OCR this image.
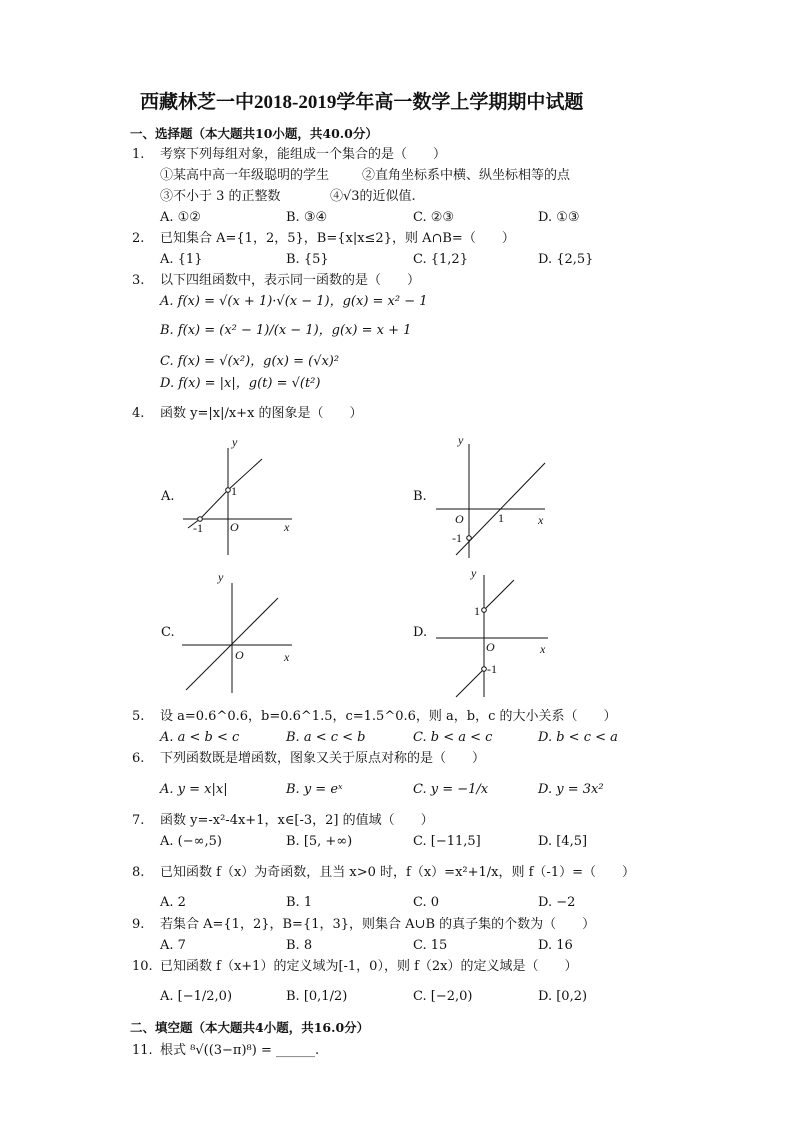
西藏林芝一中2018-2019学年高一数学上学期期中试题
一、选择题（本大题共10小题，共40.0分）
1. 考察下列每组对象，能组成一个集合的是（　　）
①某高中高一年级聪明的学生	②直角坐标系中横、纵坐标相等的点
③不小于 3 的正整数	④√3的近似值.
A. ①②	B. ③④	C. ②③	D. ①③
2. 已知集合 A={1，2，5}，B={x|x≤2}，则 A∩B=（　　）
A. {1}	B. {5}	C. {1,2}	D. {2,5}
3. 以下四组函数中，表示同一函数的是（　　）
A. f(x) = √(x + 1)·√(x − 1)，g(x) = x² − 1
B. f(x) = (x² − 1)/(x − 1)，g(x) = x + 1
C. f(x) = √(x²)，g(x) = (√x)²
D. f(x) = |x|，g(t) = √(t²)
4. 函数 y=|x|/x+x 的图象是（　　）
A.
y
x
O
1
-1
B.
y
x
O	1
-1
C.
y
x
O
D.
y
x
O
1
-1
5. 设 a=0.6^0.6，b=0.6^1.5，c=1.5^0.6，则 a，b，c 的大小关系（　　）
A. a < b < c	B. a < c < b	C. b < a < c	D. b < c < a
6. 下列函数既是增函数，图象又关于原点对称的是（　　）
A. y = x|x|	B. y = eˣ	C. y = −1/x	D. y = 3x²
7. 函数 y=-x²-4x+1，x∈[-3，2] 的值域（　　）
A. (−∞,5)	B. [5, +∞)	C. [−11,5]	D. [4,5]
8. 已知函数 f（x）为奇函数，且当 x>0 时，f（x）=x²+1/x，则 f（-1）=（　　）
A. 2	B. 1	C. 0	D. −2
9. 若集合 A={1，2}，B={1，3}，则集合 A∪B 的真子集的个数为（　　）
A. 7	B. 8	C. 15	D. 16
10. 已知函数 f（x+1）的定义域为[-1，0），则 f（2x）的定义域是（　　）
A. [−1/2,0)	B. [0,1/2)	C. [−2,0)	D. [0,2)
二、填空题（本大题共4小题，共16.0分）
11. 根式 ⁸√((3−π)⁸) = ______.
